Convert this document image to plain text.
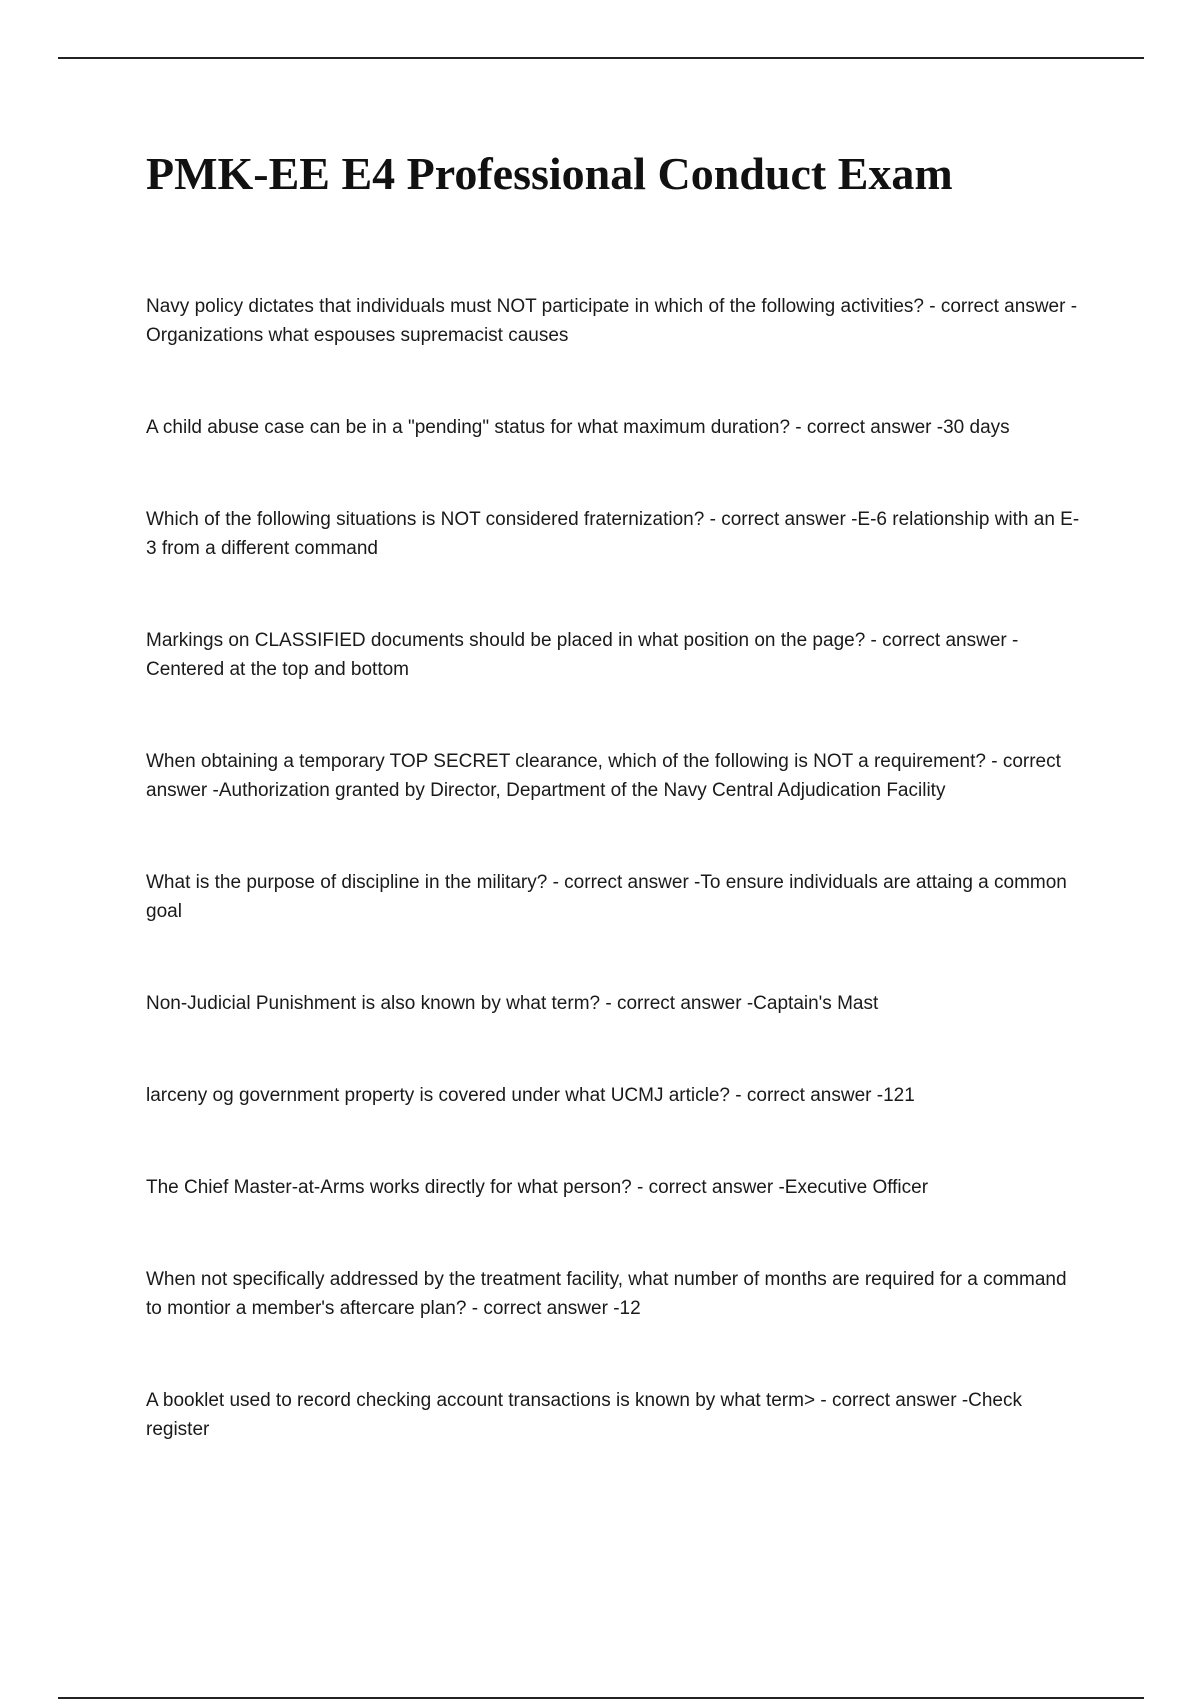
PMK-EE E4 Professional Conduct Exam
Navy policy dictates that individuals must NOT participate in which of the following activities? - correct answer -Organizations what espouses supremacist causes
A child abuse case can be in a "pending" status for what maximum duration? - correct answer -30 days
Which of the following situations is NOT considered fraternization? - correct answer -E-6 relationship with an E-3 from a different command
Markings on CLASSIFIED documents should be placed in what position on the page? - correct answer -Centered at the top and bottom
When obtaining a temporary TOP SECRET clearance, which of the following is NOT a requirement? - correct answer -Authorization granted by Director, Department of the Navy Central Adjudication Facility
What is the purpose of discipline in the military? - correct answer -To ensure individuals are attaing a common goal
Non-Judicial Punishment is also known by what term? - correct answer -Captain's Mast
larceny og government property is covered under what UCMJ article? - correct answer -121
The Chief Master-at-Arms works directly for what person? - correct answer -Executive Officer
When not specifically addressed by the treatment facility, what number of months are required for a command to montior a member's aftercare plan? - correct answer -12
A booklet used to record checking account transactions is known by what term> - correct answer -Check register
